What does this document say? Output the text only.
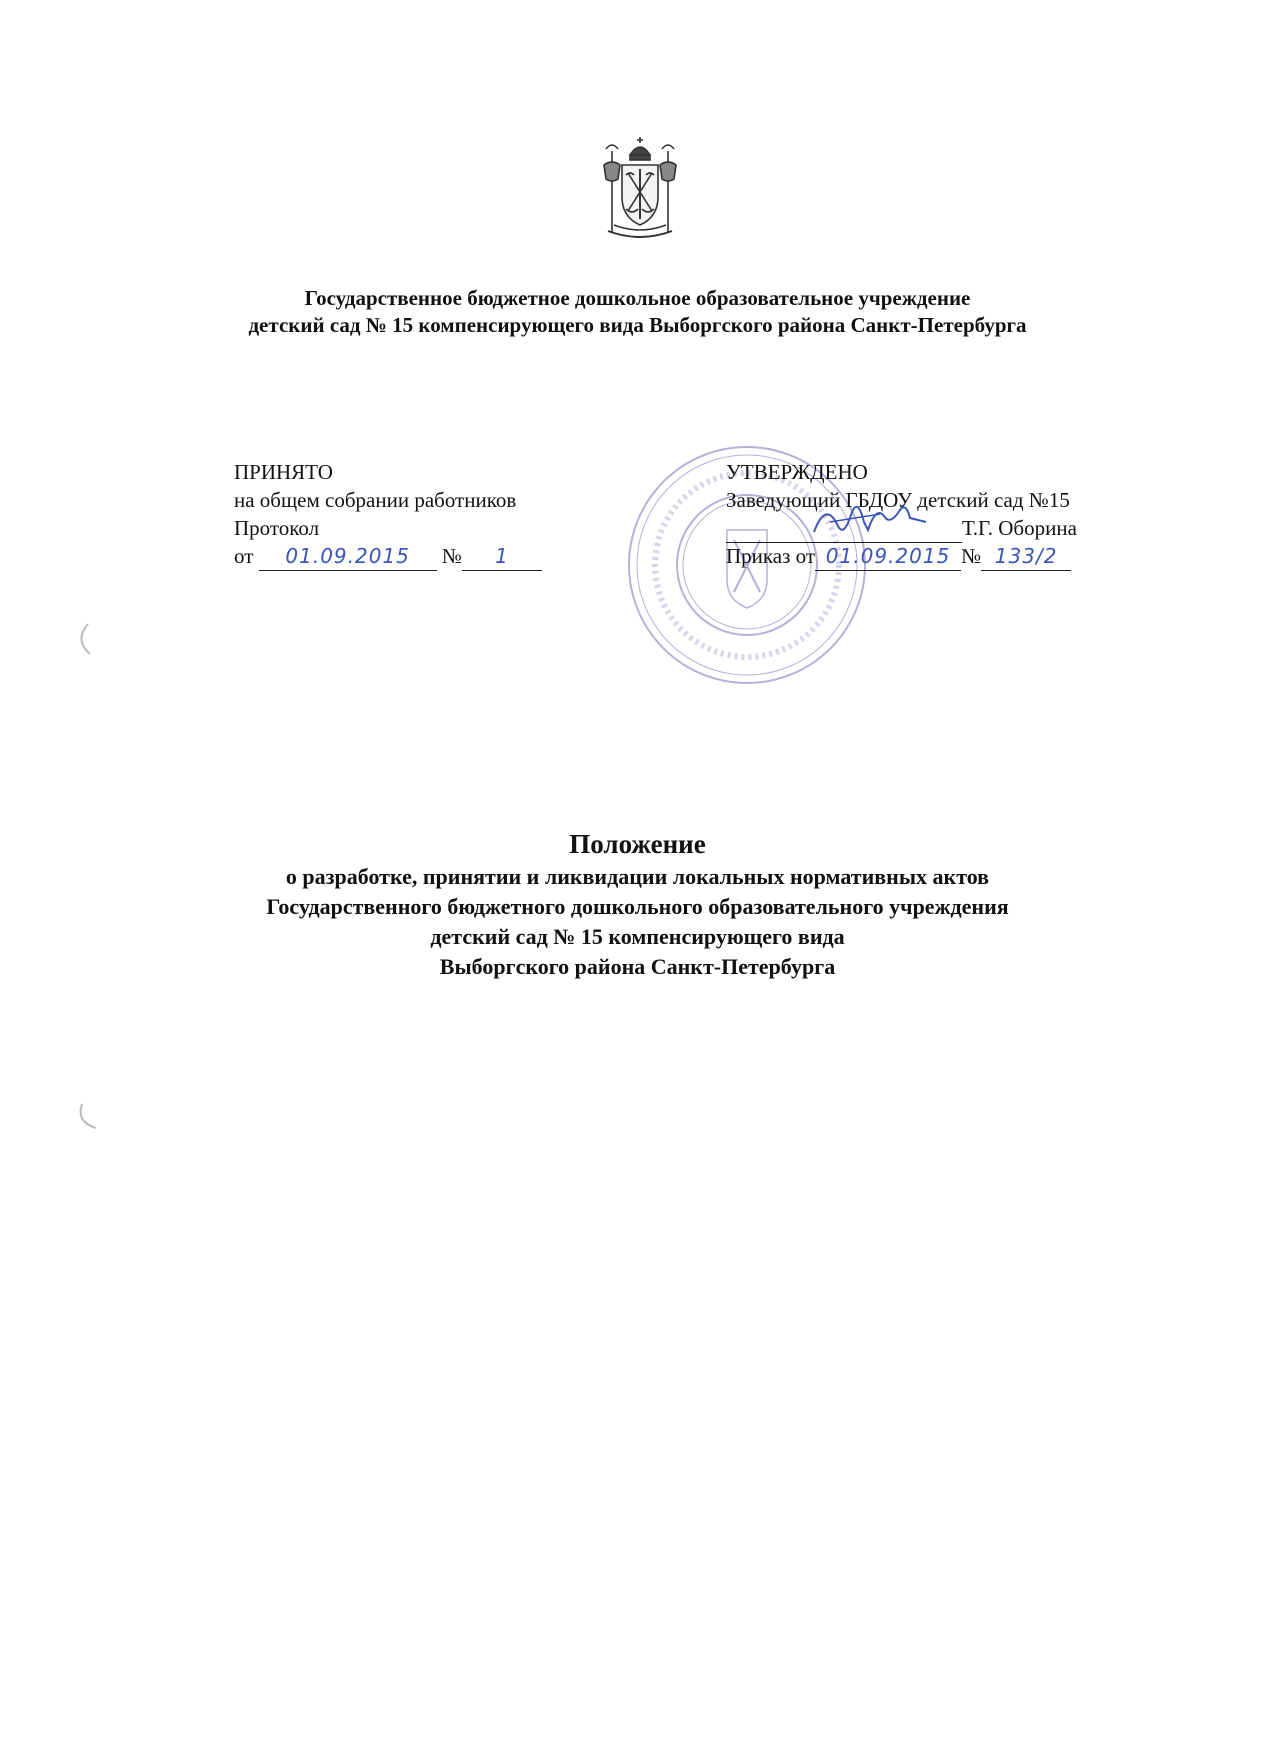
Государственное бюджетное дошкольное образовательное учреждение
детский сад № 15 компенсирующего вида Выборгского района Санкт-Петербурга
ПРИНЯТО
на общем собрании работников
Протокол
от 01.09.2015 № 1
УТВЕРЖДЕНО
Заведующий ГБДОУ детский сад №15
Т.Г. Оборина
Приказ от 01.09.2015 № 133/2
Положение
о разработке, принятии и ликвидации локальных нормативных актов
Государственного бюджетного дошкольного образовательного учреждения
детский сад № 15 компенсирующего вида
Выборгского района Санкт-Петербурга
